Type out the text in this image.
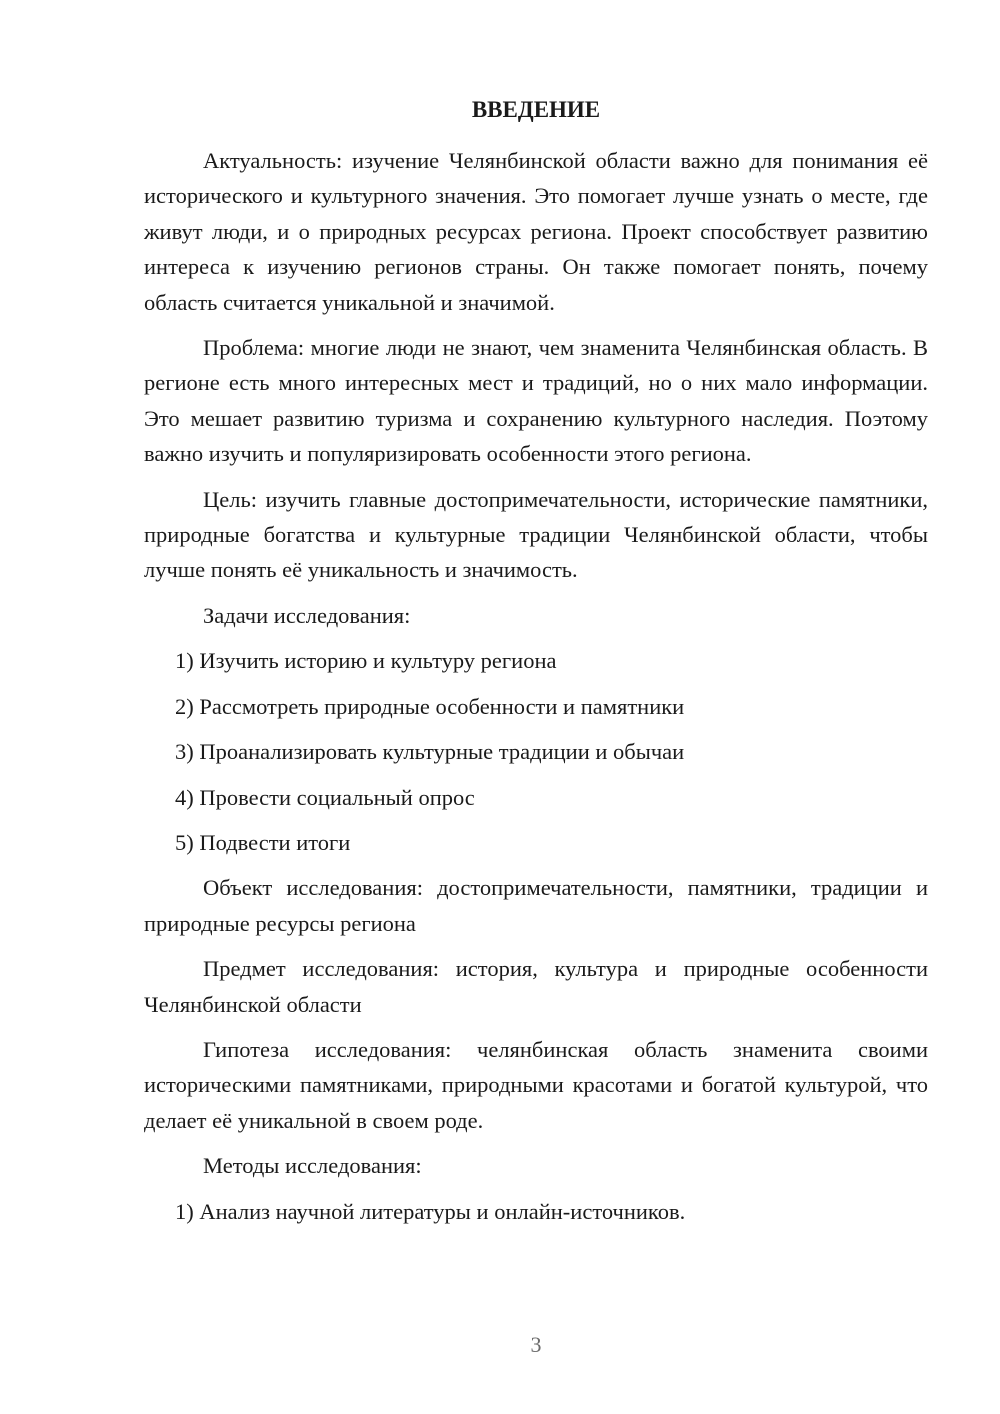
ВВЕДЕНИЕ

Актуальность: изучение Челянбинской области важно для понимания её исторического и культурного значения. Это помогает лучше узнать о месте, где живут люди, и о природных ресурсах региона. Проект способствует развитию интереса к изучению регионов страны. Он также помогает понять, почему область считается уникальной и значимой.

Проблема: многие люди не знают, чем знаменита Челянбинская область. В регионе есть много интересных мест и традиций, но о них мало информации. Это мешает развитию туризма и сохранению культурного наследия. Поэтому важно изучить и популяризировать особенности этого региона.

Цель: изучить главные достопримечательности, исторические памятники, природные богатства и культурные традиции Челянбинской области, чтобы лучше понять её уникальность и значимость.

Задачи исследования:
1) Изучить историю и культуру региона
2) Рассмотреть природные особенности и памятники
3) Проанализировать культурные традиции и обычаи
4) Провести социальный опрос
5) Подвести итоги

Объект исследования: достопримечательности, памятники, традиции и природные ресурсы региона

Предмет исследования: история, культура и природные особенности Челянбинской области

Гипотеза исследования: челянбинская область знаменита своими историческими памятниками, природными красотами и богатой культурой, что делает её уникальной в своем роде.

Методы исследования:
1) Анализ научной литературы и онлайн-источников.
3
